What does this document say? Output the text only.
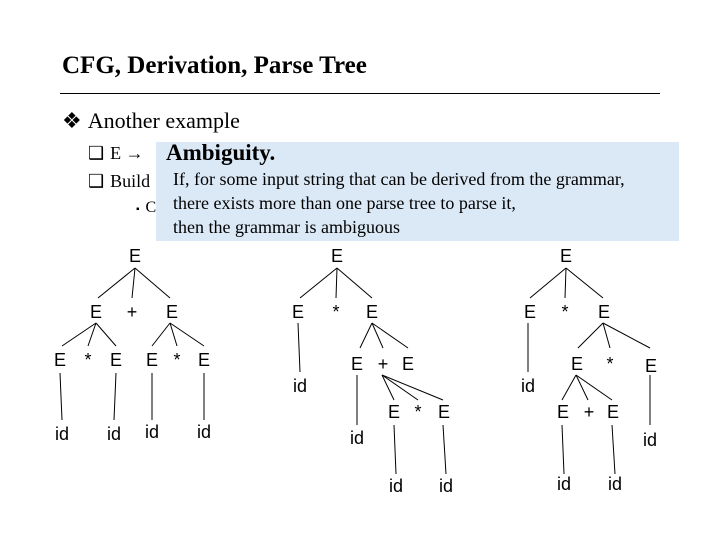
CFG, Derivation, Parse Tree
❖ Another example
❑ E →
❑ Build
▪ C
Ambiguity.
If, for some input string that can be derived from the grammar,
there exists more than one parse tree to parse it,
then the grammar is ambiguous
E
E + E
E * E E * E
id id id id
E
E * E
id
E + E
E * E
id
id id
E
E * E
id
E * E
E + E
id
id id
